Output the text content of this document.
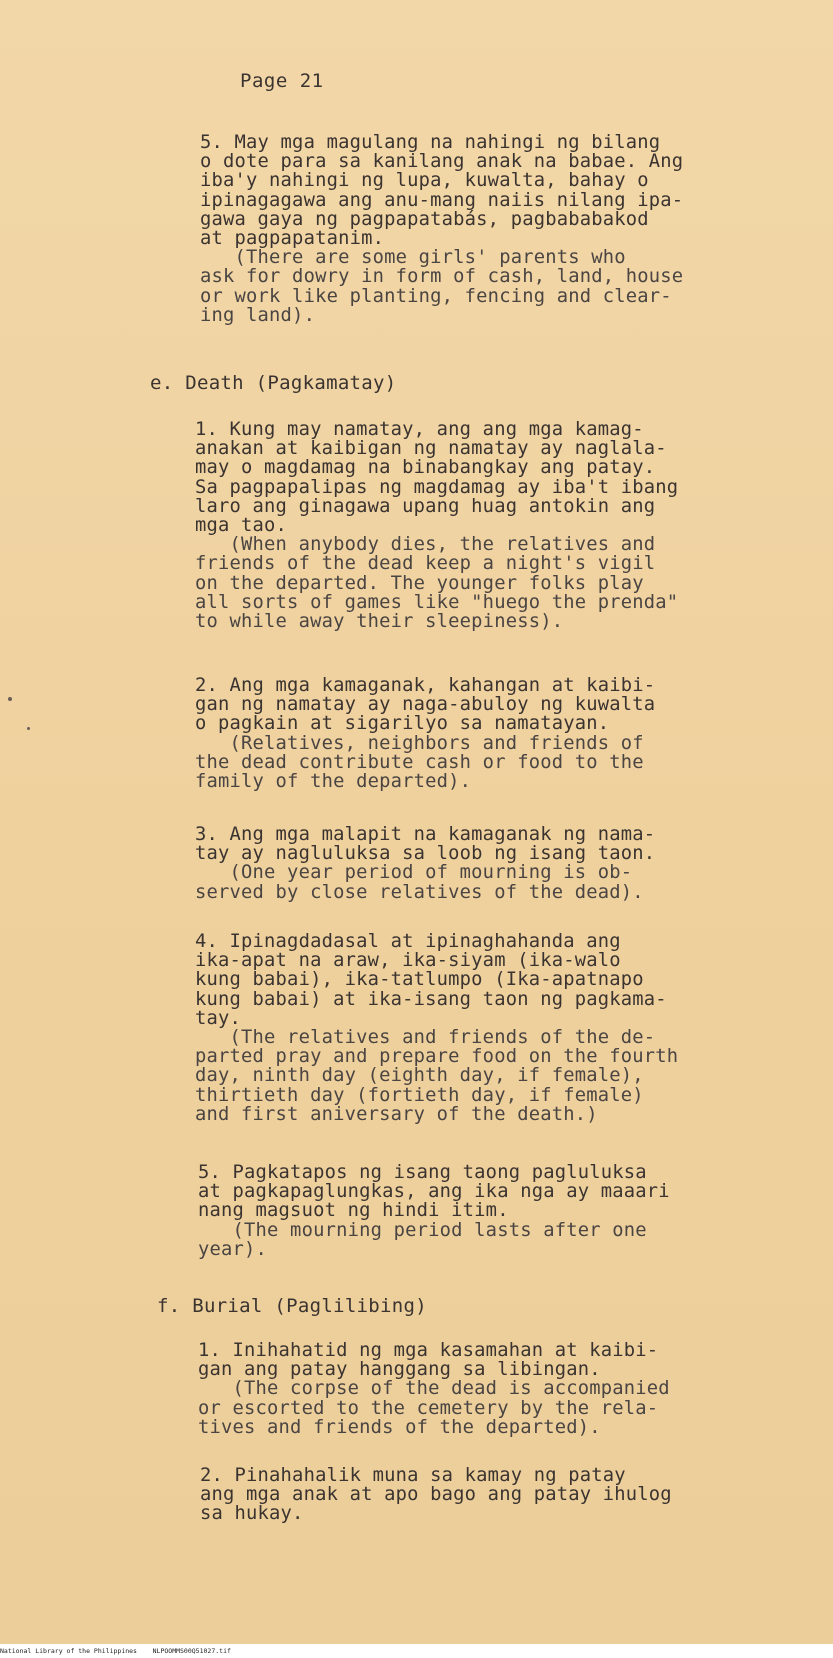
Page 21
5. May mga magulang na nahingi ng bilang
o dote para sa kanilang anak na babae. Ang
iba'y nahingi ng lupa, kuwalta, bahay o
ipinagagawa ang anu-mang naiis nilang ipa-
gawa gaya ng pagpapatabás, pagbababakod
at pagpapatanim.
(There are some girls' parents who
ask for dowry in form of cash, land, house
or work like planting, fencing and clear-
ing land).
e. Death (Pagkamatay)
1. Kung may namatay, ang ang mga kamag-
anakan at kaibigan ng namatay ay naglala-
may o magdamag na binabangkay ang patay.
Sa pagpapalipas ng magdamag ay iba't ibang
laro ang ginagawa upang huag antokin ang
mga tao.
(When anybody dies, the relatives and
friends of the dead keep a night's vigil
on the departed. The younger folks play
all sorts of games like "huego the prenda"
to while away their sleepiness).
2. Ang mga kamaganak, kahangan at kaibi-
gan ng namatay ay naga-abuloy ng kuwalta
o pagkain at sigarilyo sa namatayan.
(Relatives, neighbors and friends of
the dead contribute cash or food to the
family of the departed).
3. Ang mga malapit na kamaganak ng nama-
tay ay nagluluksa sa loob ng isang taon.
(One year period of mourning is ob-
served by close relatives of the dead).
4. Ipinagdadasal at ipinaghahanda ang
ika-apat na araw, ika-siyam (ika-walo
kung babai), ika-tatlumpo (Ika-apatnapo
kung babai) at ika-isang taon ng pagkama-
tay.
(The relatives and friends of the de-
parted pray and prepare food on the fourth
day, ninth day (eighth day, if female),
thirtieth day (fortieth day, if female)
and first aniversary of the death.)
5. Pagkatapos ng isang taong pagluluksa
at pagkapaglungkas, ang ika nga ay maaari
nang magsuot ng hindi itim.
(The mourning period lasts after one
year).
f. Burial (Paglilibing)
1. Inihahatid ng mga kasamahan at kaibi-
gan ang patay hanggang sa libingan.
(The corpse of the dead is accompanied
or escorted to the cemetery by the rela-
tives and friends of the departed).
2. Pinahahalik muna sa kamay ng patay
ang mga anak at apo bago ang patay ihulog
sa hukay.
National Library of the Philippines NLPOOMMS00Q51027.tif
